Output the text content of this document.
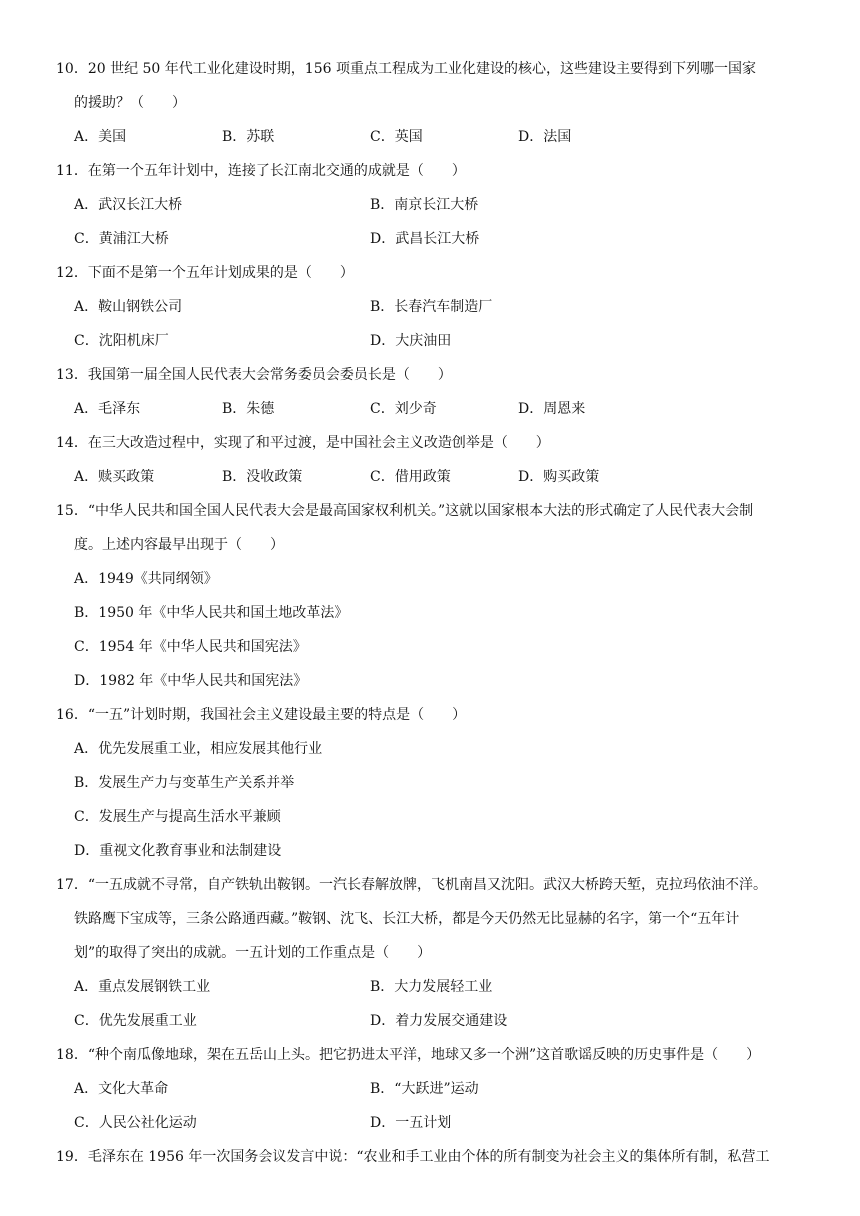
10．20 世纪 50 年代工业化建设时期，156 项重点工程成为工业化建设的核心，这些建设主要得到下列哪一国家
的援助？（　　）
A．美国	B．苏联	C．英国	D．法国
11．在第一个五年计划中，连接了长江南北交通的成就是（　　）
A．武汉长江大桥	B．南京长江大桥
C．黄浦江大桥	D．武昌长江大桥
12．下面不是第一个五年计划成果的是（　　）
A．鞍山钢铁公司	B．长春汽车制造厂
C．沈阳机床厂	D．大庆油田
13．我国第一届全国人民代表大会常务委员会委员长是（　　）
A．毛泽东	B．朱德	C．刘少奇	D．周恩来
14．在三大改造过程中，实现了和平过渡，是中国社会主义改造创举是（　　）
A．赎买政策	B．没收政策	C．借用政策	D．购买政策
15．“中华人民共和国全国人民代表大会是最高国家权利机关。”这就以国家根本大法的形式确定了人民代表大会制
度。上述内容最早出现于（　　）
A．1949《共同纲领》
B．1950 年《中华人民共和国土地改革法》
C．1954 年《中华人民共和国宪法》
D．1982 年《中华人民共和国宪法》
16．“一五”计划时期，我国社会主义建设最主要的特点是（　　）
A．优先发展重工业，相应发展其他行业
B．发展生产力与变革生产关系并举
C．发展生产与提高生活水平兼顾
D．重视文化教育事业和法制建设
17．“一五成就不寻常，自产铁轨出鞍钢。一汽长春解放牌，飞机南昌又沈阳。武汉大桥跨天堑，克拉玛依油不洋。
铁路鹰下宝成等，三条公路通西藏。”鞍钢、沈飞、长江大桥，都是今天仍然无比显赫的名字，第一个“五年计
划”的取得了突出的成就。一五计划的工作重点是（　　）
A．重点发展钢铁工业	B．大力发展轻工业
C．优先发展重工业	D．着力发展交通建设
18．“种个南瓜像地球，架在五岳山上头。把它扔进太平洋，地球又多一个洲”这首歌谣反映的历史事件是（　　）
A．文化大革命	B．“大跃进”运动
C．人民公社化运动	D．一五计划
19．毛泽东在 1956 年一次国务会议发言中说：“农业和手工业由个体的所有制变为社会主义的集体所有制，私营工
